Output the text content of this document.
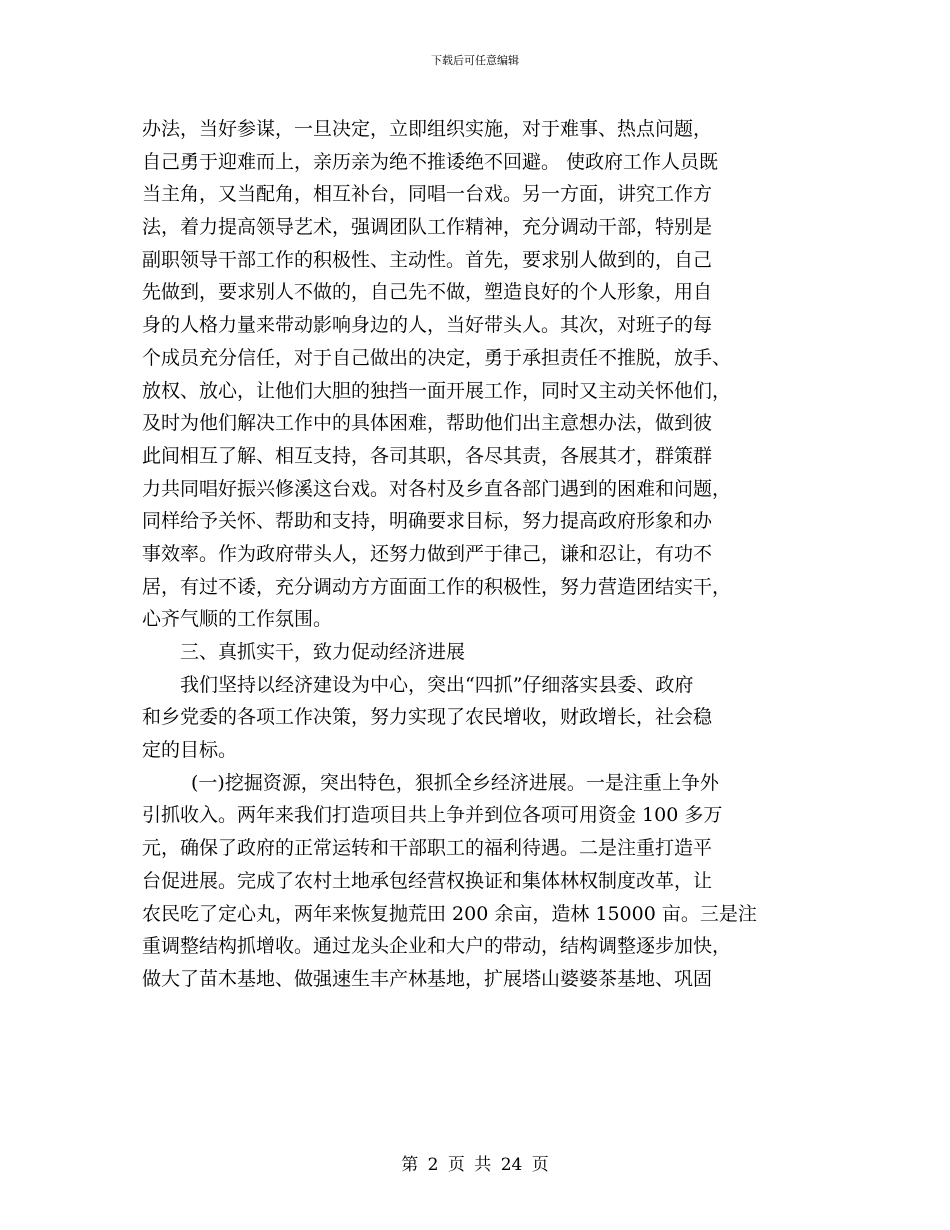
下载后可任意编辑
办法，当好参谋，一旦决定，立即组织实施，对于难事、热点问题，
自己勇于迎难而上，亲历亲为绝不推诿绝不回避。 使政府工作人员既
当主角，又当配角，相互补台，同唱一台戏。另一方面，讲究工作方
法，着力提高领导艺术，强调团队工作精神，充分调动干部，特别是
副职领导干部工作的积极性、主动性。首先，要求别人做到的，自己
先做到，要求别人不做的，自己先不做，塑造良好的个人形象，用自
身的人格力量来带动影响身边的人，当好带头人。其次，对班子的每
个成员充分信任，对于自己做出的决定，勇于承担责任不推脱，放手、
放权、放心，让他们大胆的独挡一面开展工作，同时又主动关怀他们，
及时为他们解决工作中的具体困难，帮助他们出主意想办法，做到彼
此间相互了解、相互支持，各司其职，各尽其责，各展其才，群策群
力共同唱好振兴修溪这台戏。对各村及乡直各部门遇到的困难和问题，
同样给予关怀、帮助和支持，明确要求目标，努力提高政府形象和办
事效率。作为政府带头人，还努力做到严于律己，谦和忍让，有功不
居，有过不诿，充分调动方方面面工作的积极性，努力营造团结实干，
心齐气顺的工作氛围。
三、真抓实干，致力促动经济进展
我们坚持以经济建设为中心，突出“四抓”仔细落实县委、政府
和乡党委的各项工作决策，努力实现了农民增收，财政增长，社会稳
定的目标。
(一)挖掘资源，突出特色，狠抓全乡经济进展。一是注重上争外
引抓收入。两年来我们打造项目共上争并到位各项可用资金 100 多万
元，确保了政府的正常运转和干部职工的福利待遇。二是注重打造平
台促进展。完成了农村土地承包经营权换证和集体林权制度改革，让
农民吃了定心丸，两年来恢复抛荒田 200 余亩，造林 15000 亩。三是注
重调整结构抓增收。通过龙头企业和大户的带动，结构调整逐步加快，
做大了苗木基地、做强速生丰产林基地，扩展塔山婆婆茶基地、巩固
第 2 页 共 24 页
